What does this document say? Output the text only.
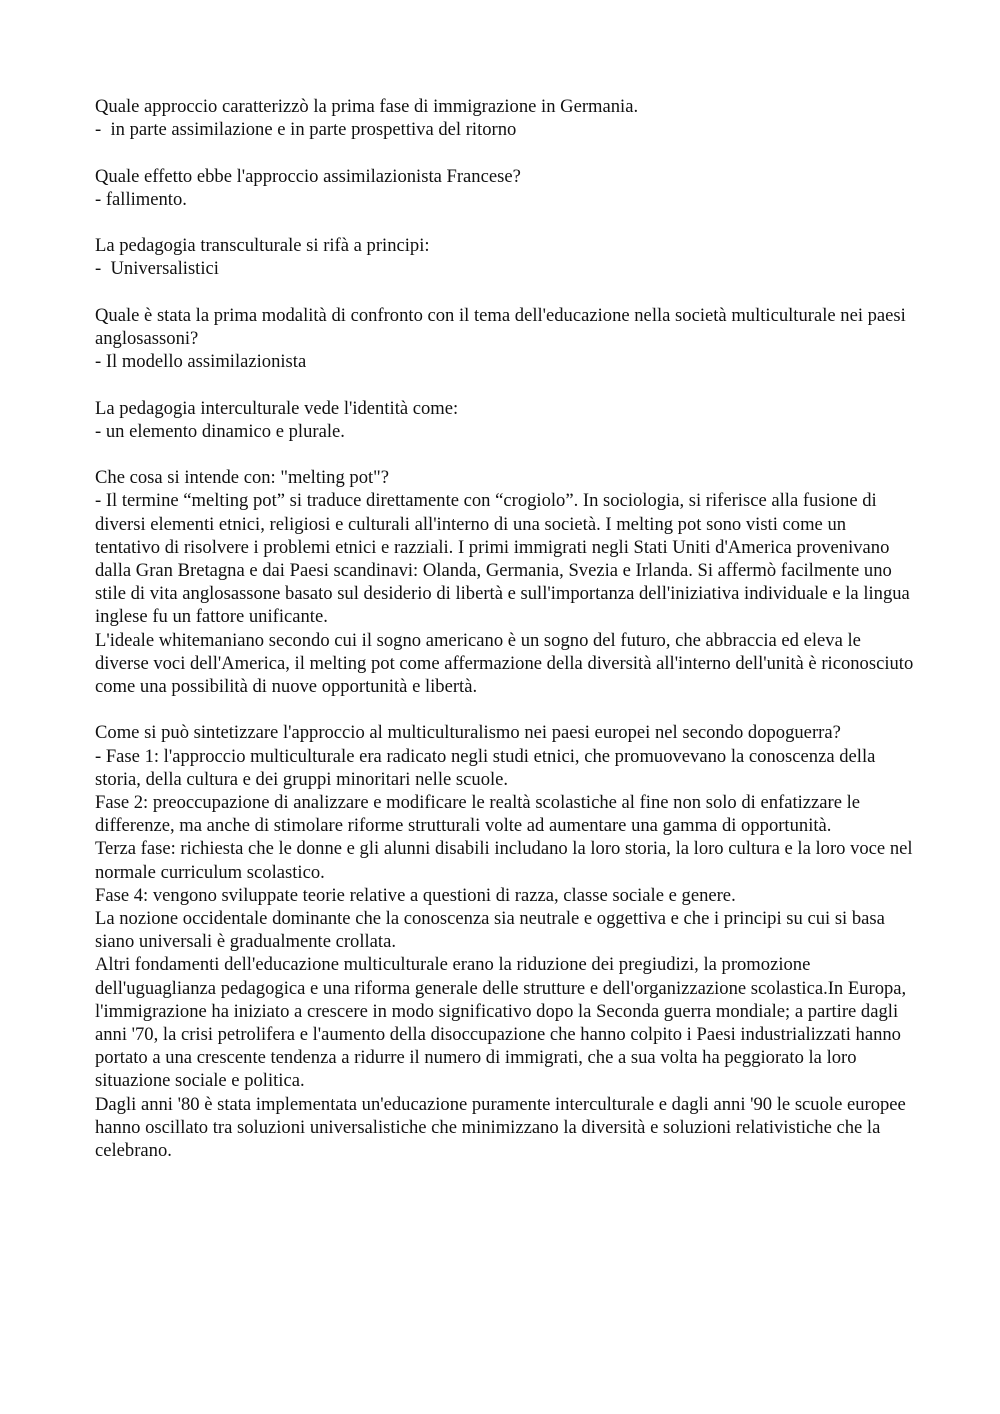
Quale approccio caratterizzò la prima fase di immigrazione in Germania.
-  in parte assimilazione e in parte prospettiva del ritorno
Quale effetto ebbe l'approccio assimilazionista Francese?
- fallimento.
La pedagogia transculturale si rifà a principi:
-  Universalistici
Quale è stata la prima modalità di confronto con il tema dell'educazione nella società multiculturale nei paesi anglosassoni?
- Il modello assimilazionista
La pedagogia interculturale vede l'identità come:
- un elemento dinamico e plurale.
Che cosa si intende con: "melting pot"?
- Il termine “melting pot” si traduce direttamente con “crogiolo”. In sociologia, si riferisce alla fusione di diversi elementi etnici, religiosi e culturali all'interno di una società. I melting pot sono visti come un tentativo di risolvere i problemi etnici e razziali. I primi immigrati negli Stati Uniti d'America provenivano dalla Gran Bretagna e dai Paesi scandinavi: Olanda, Germania, Svezia e Irlanda. Si affermò facilmente uno stile di vita anglosassone basato sul desiderio di libertà e sull'importanza dell'iniziativa individuale e la lingua inglese fu un fattore unificante.
L'ideale whitemaniano secondo cui il sogno americano è un sogno del futuro, che abbraccia ed eleva le diverse voci dell'America, il melting pot come affermazione della diversità all'interno dell'unità è riconosciuto come una possibilità di nuove opportunità e libertà.
Come si può sintetizzare l'approccio al multiculturalismo nei paesi europei nel secondo dopoguerra?
- Fase 1: l'approccio multiculturale era radicato negli studi etnici, che promuovevano la conoscenza della storia, della cultura e dei gruppi minoritari nelle scuole.
Fase 2: preoccupazione di analizzare e modificare le realtà scolastiche al fine non solo di enfatizzare le differenze, ma anche di stimolare riforme strutturali volte ad aumentare una gamma di opportunità.
Terza fase: richiesta che le donne e gli alunni disabili includano la loro storia, la loro cultura e la loro voce nel normale curriculum scolastico.
Fase 4: vengono sviluppate teorie relative a questioni di razza, classe sociale e genere.
La nozione occidentale dominante che la conoscenza sia neutrale e oggettiva e che i principi su cui si basa siano universali è gradualmente crollata.
Altri fondamenti dell'educazione multiculturale erano la riduzione dei pregiudizi, la promozione dell'uguaglianza pedagogica e una riforma generale delle strutture e dell'organizzazione scolastica.In Europa, l'immigrazione ha iniziato a crescere in modo significativo dopo la Seconda guerra mondiale; a partire dagli anni '70, la crisi petrolifera e l'aumento della disoccupazione che hanno colpito i Paesi industrializzati hanno portato a una crescente tendenza a ridurre il numero di immigrati, che a sua volta ha peggiorato la loro situazione sociale e politica.
Dagli anni '80 è stata implementata un'educazione puramente interculturale e dagli anni '90 le scuole europee hanno oscillato tra soluzioni universalistiche che minimizzano la diversità e soluzioni relativistiche che la celebrano.
